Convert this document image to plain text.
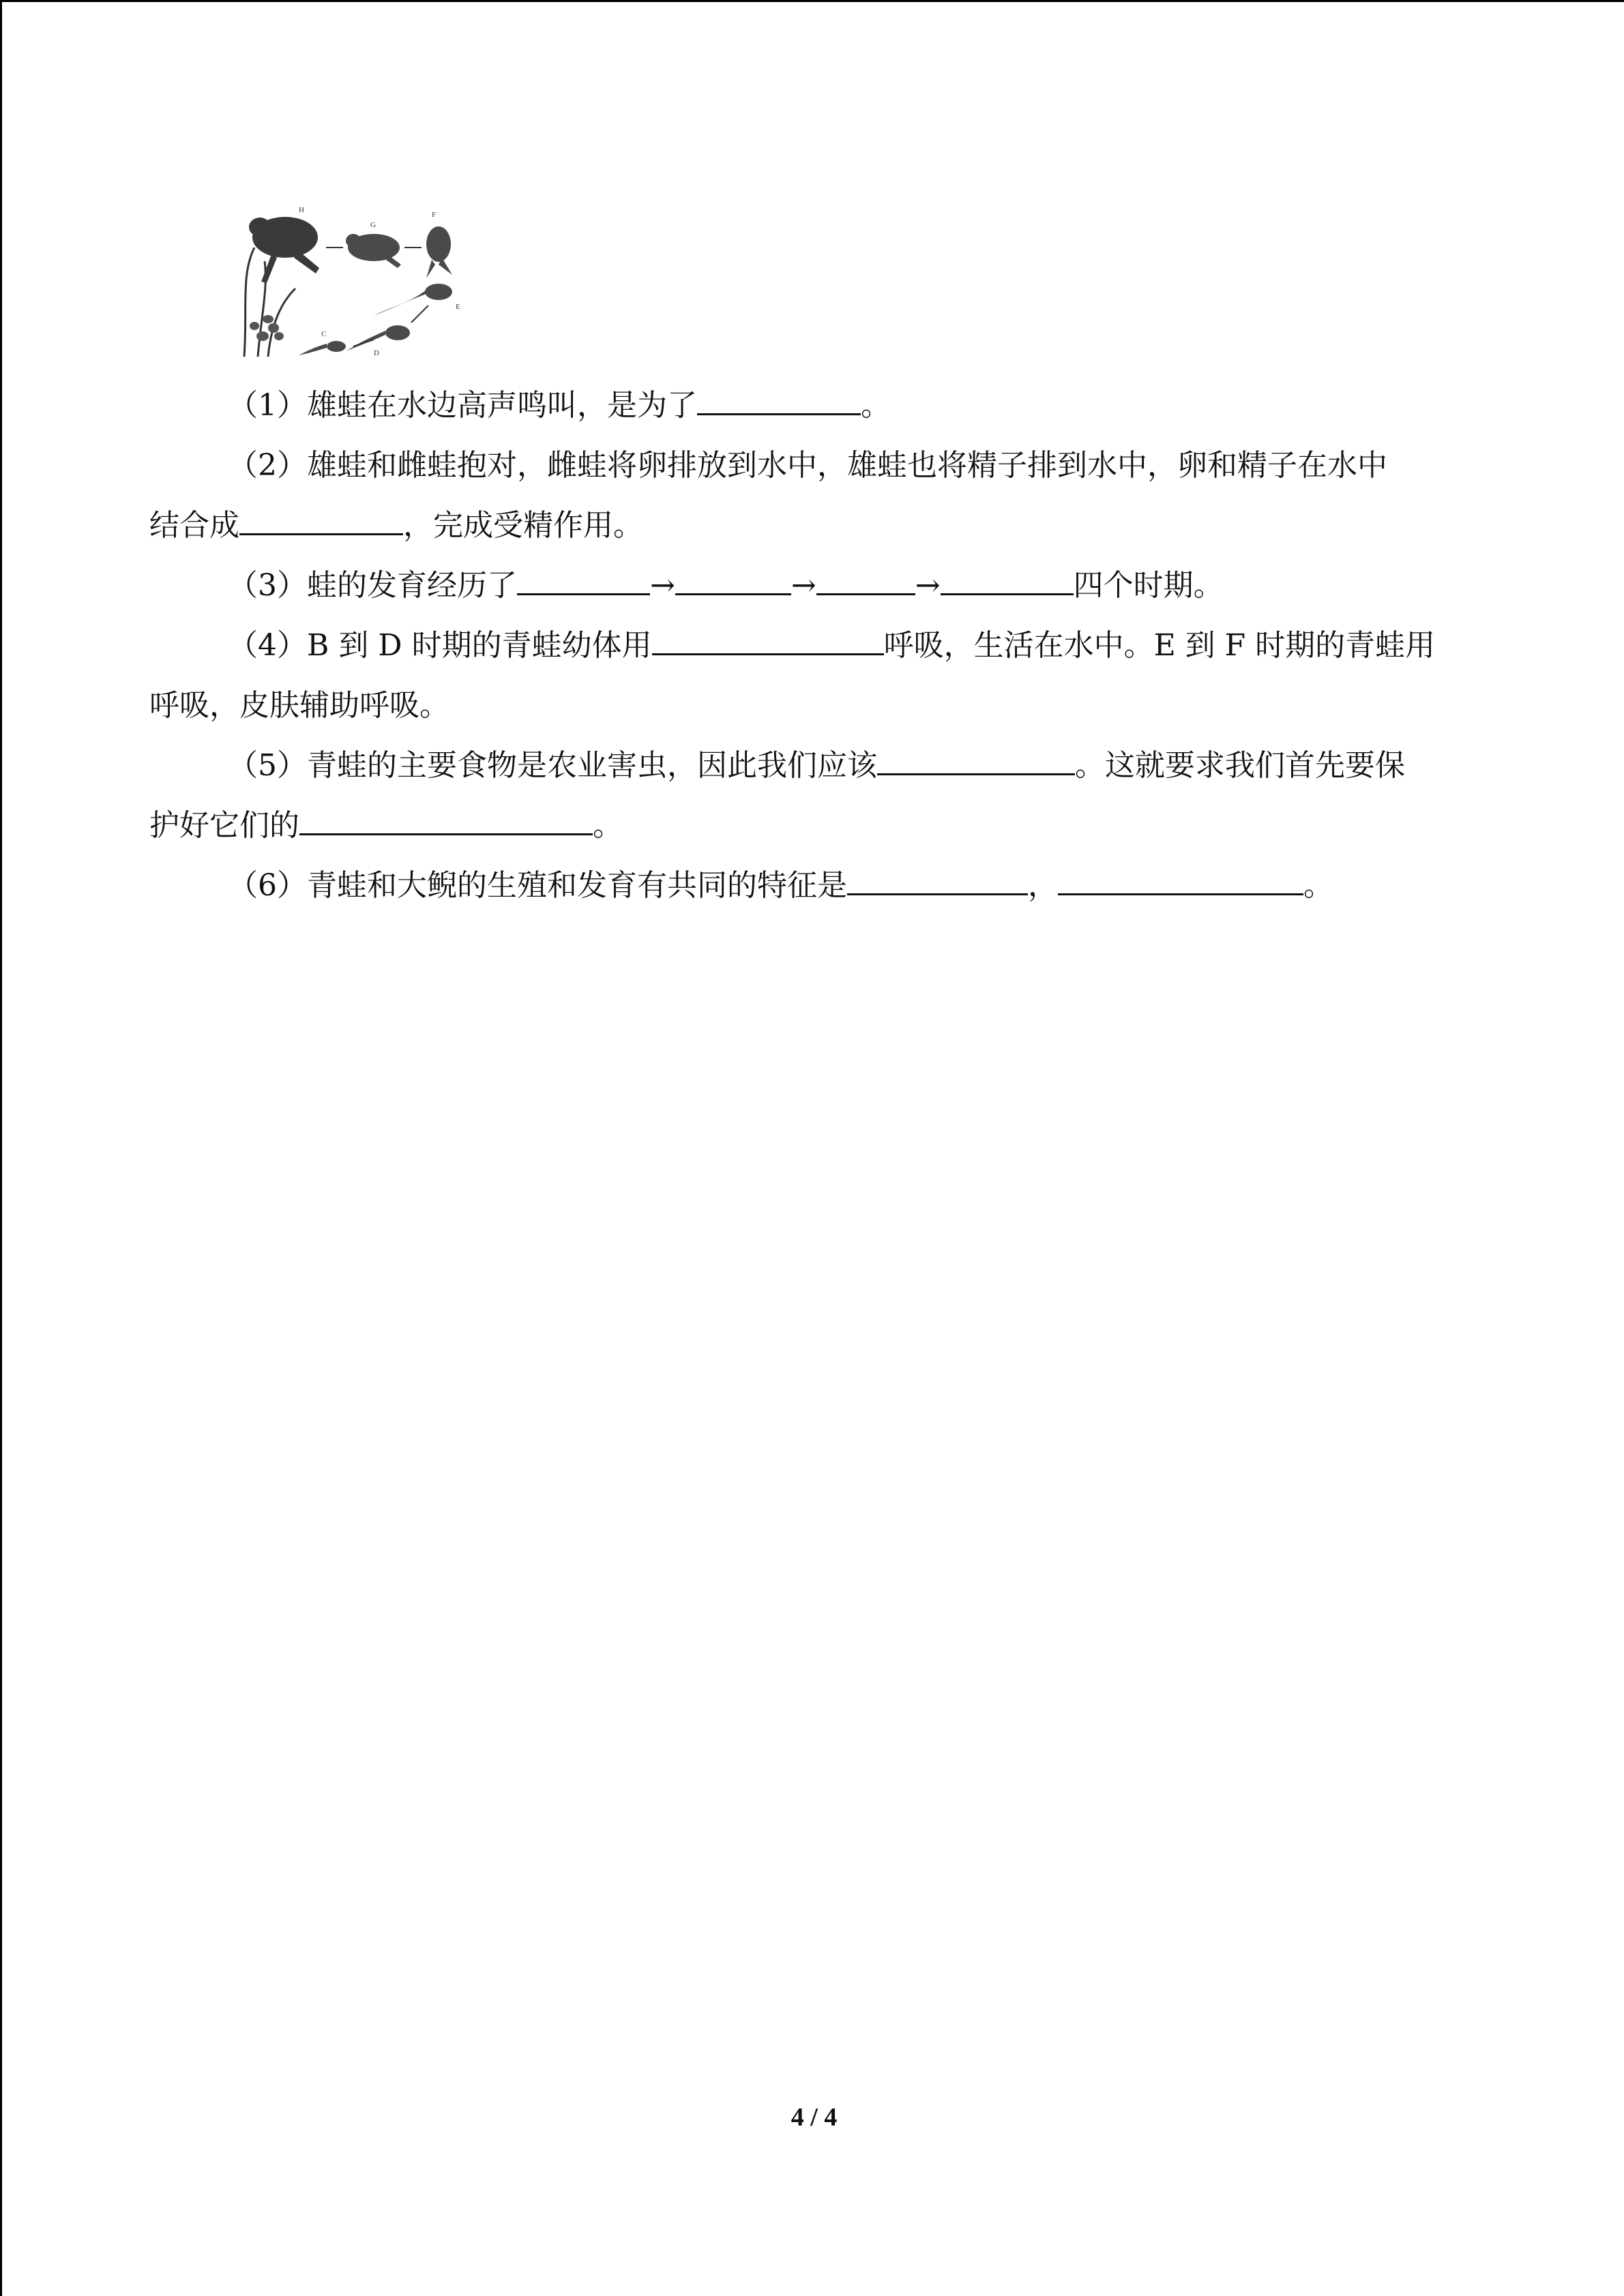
H
G
F
E
D
C

（1）雄蛙在水边高声鸣叫，是为了	。

（2）雄蛙和雌蛙抱对，雌蛙将卵排放到水中，雄蛙也将精子排到水中，卵和精子在水中

结合成	，完成受精作用。

（3）蛙的发育经历了	→	→	→	四个时期。

（4）B 到 D 时期的青蛙幼体用	呼吸，生活在水中。E 到 F 时期的青蛙用

呼吸，皮肤辅助呼吸。

（5）青蛙的主要食物是农业害虫，因此我们应该	。这就要求我们首先要保

护好它们的	。

（6）青蛙和大鲵的生殖和发育有共同的特征是	，	。

4 / 4
